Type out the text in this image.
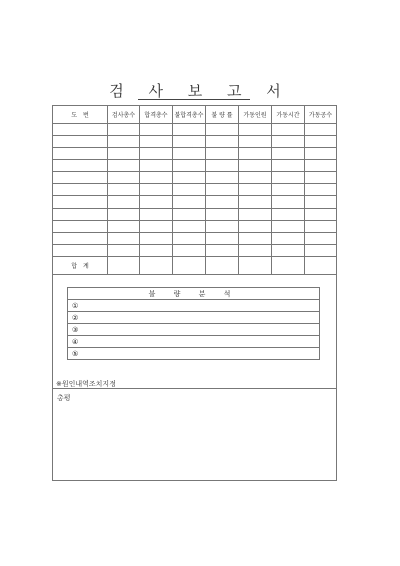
검 사 보 고 서
도　번	검사총수	합격총수	불합격총수	불 량 률	가동인원	가동시간	가동공수

합　계							
불 량 분 석
①
②
③
④
⑤
※원인내역조치지정
총평
